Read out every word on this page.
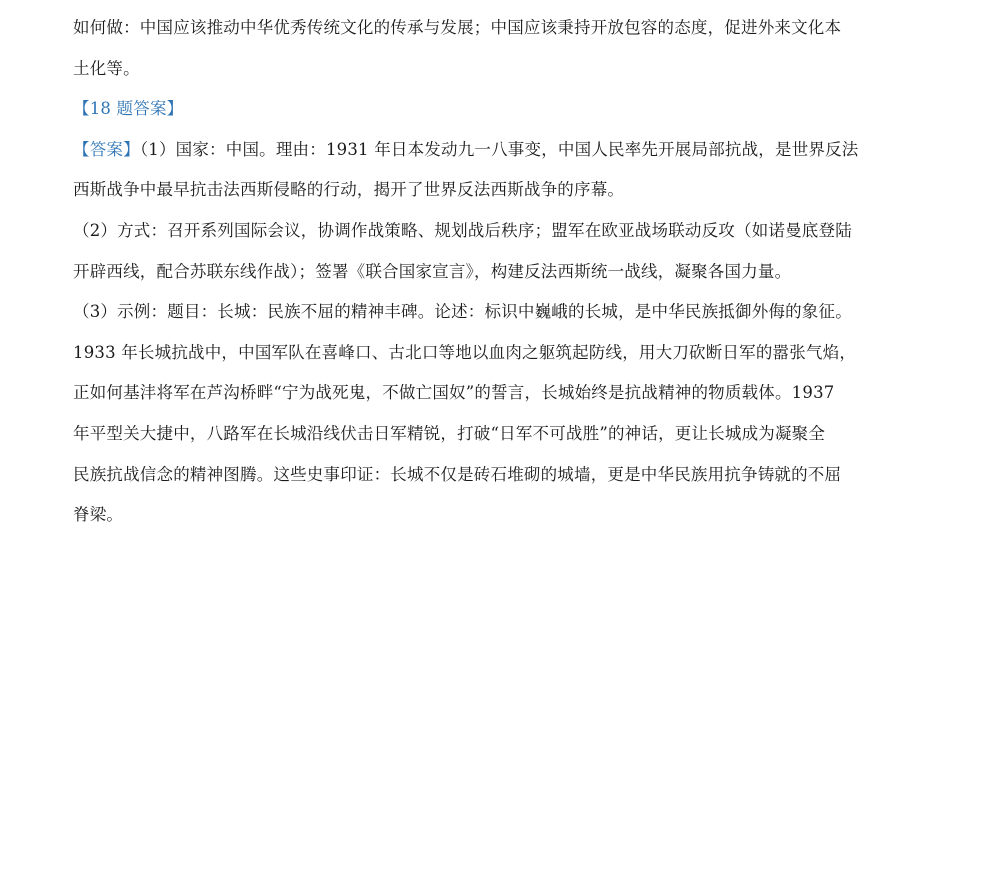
如何做：中国应该推动中华优秀传统文化的传承与发展；中国应该秉持开放包容的态度，促进外来文化本
土化等。
【18 题答案】
【答案】（1）国家：中国。理由：1931 年日本发动九一八事变，中国人民率先开展局部抗战，是世界反法
西斯战争中最早抗击法西斯侵略的行动，揭开了世界反法西斯战争的序幕。
（2）方式：召开系列国际会议，协调作战策略、规划战后秩序；盟军在欧亚战场联动反攻（如诺曼底登陆
开辟西线，配合苏联东线作战）；签署《联合国家宣言》，构建反法西斯统一战线，凝聚各国力量。
（3）示例：题目：长城：民族不屈的精神丰碑。论述：标识中巍峨的长城，是中华民族抵御外侮的象征。
1933 年长城抗战中，中国军队在喜峰口、古北口等地以血肉之躯筑起防线，用大刀砍断日军的嚣张气焰，
正如何基沣将军在芦沟桥畔“宁为战死鬼，不做亡国奴”的誓言，长城始终是抗战精神的物质载体。1937
年平型关大捷中，八路军在长城沿线伏击日军精锐，打破“日军不可战胜”的神话，更让长城成为凝聚全
民族抗战信念的精神图腾。这些史事印证：长城不仅是砖石堆砌的城墙，更是中华民族用抗争铸就的不屈
脊梁。
